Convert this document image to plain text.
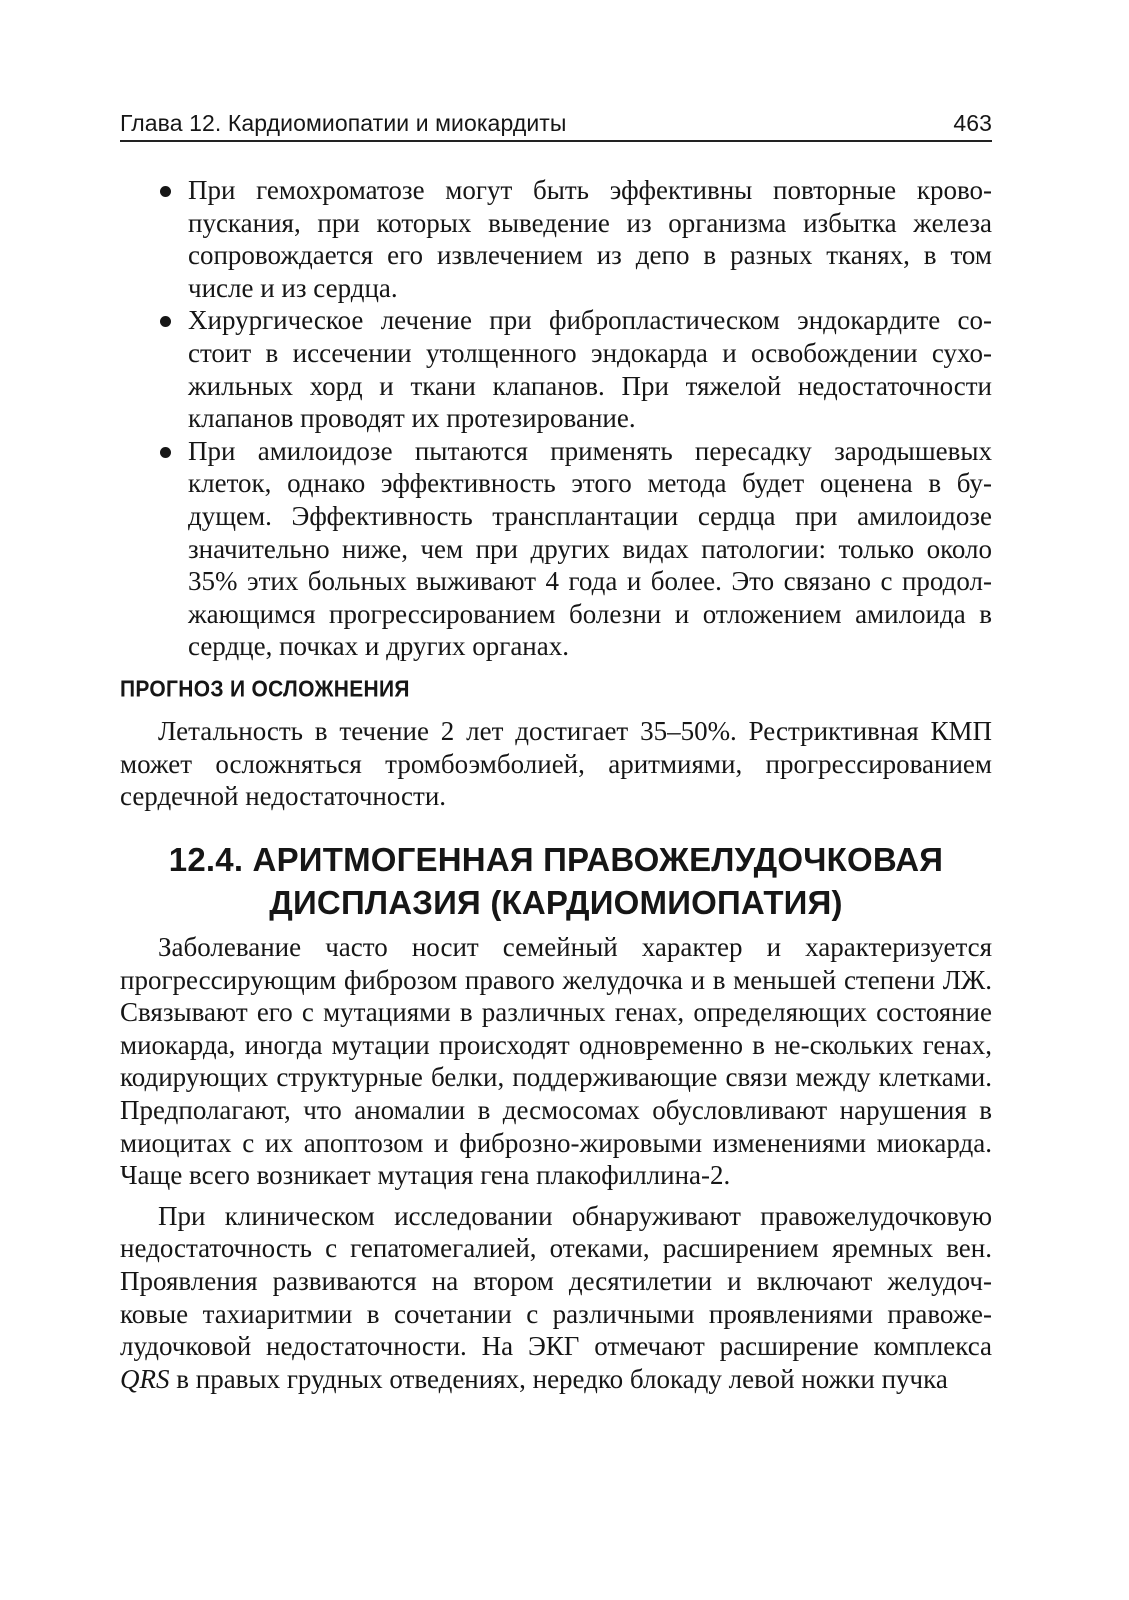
Глава 12. Кардиомиопатии и миокардиты	463
При гемохроматозе могут быть эффективны повторные крово-пускания, при которых выведение из организма избытка железа сопровождается его извлечением из депо в разных тканях, в том числе и из сердца.
Хирургическое лечение при фибропластическом эндокардите со-стоит в иссечении утолщенного эндокарда и освобождении сухо-жильных хорд и ткани клапанов. При тяжелой недостаточности клапанов проводят их протезирование.
При амилоидозе пытаются применять пересадку зародышевых клеток, однако эффективность этого метода будет оценена в бу-дущем. Эффективность трансплантации сердца при амилоидозе значительно ниже, чем при других видах патологии: только около 35% этих больных выживают 4 года и более. Это связано с продол-жающимся прогрессированием болезни и отложением амилоида в сердце, почках и других органах.
ПРОГНОЗ И ОСЛОЖНЕНИЯ

Летальность в течение 2 лет достигает 35–50%. Рестриктивная КМП может осложняться тромбоэмболией, аритмиями, прогрессированием сердечной недостаточности.

12.4. АРИТМОГЕННАЯ ПРАВОЖЕЛУДОЧКОВАЯ
ДИСПЛАЗИЯ (КАРДИОМИОПАТИЯ)

Заболевание часто носит семейный характер и характеризуется прогрессирующим фиброзом правого желудочка и в меньшей степени ЛЖ. Связывают его с мутациями в различных генах, определяющих состояние миокарда, иногда мутации происходят одновременно в не-скольких генах, кодирующих структурные белки, поддерживающие связи между клетками. Предполагают, что аномалии в десмосомах обусловливают нарушения в миоцитах с их апоптозом и фиброзно-жировыми изменениями миокарда. Чаще всего возникает мутация гена плакофиллина-2.

При клиническом исследовании обнаруживают правожелудочковую недостаточность с гепатомегалией, отеками, расширением яремных вен. Проявления развиваются на втором десятилетии и включают желудоч-ковые тахиаритмии в сочетании с различными проявлениями правоже-лудочковой недостаточности. На ЭКГ отмечают расширение комплекса QRS в правых грудных отведениях, нередко блокаду левой ножки пучка
